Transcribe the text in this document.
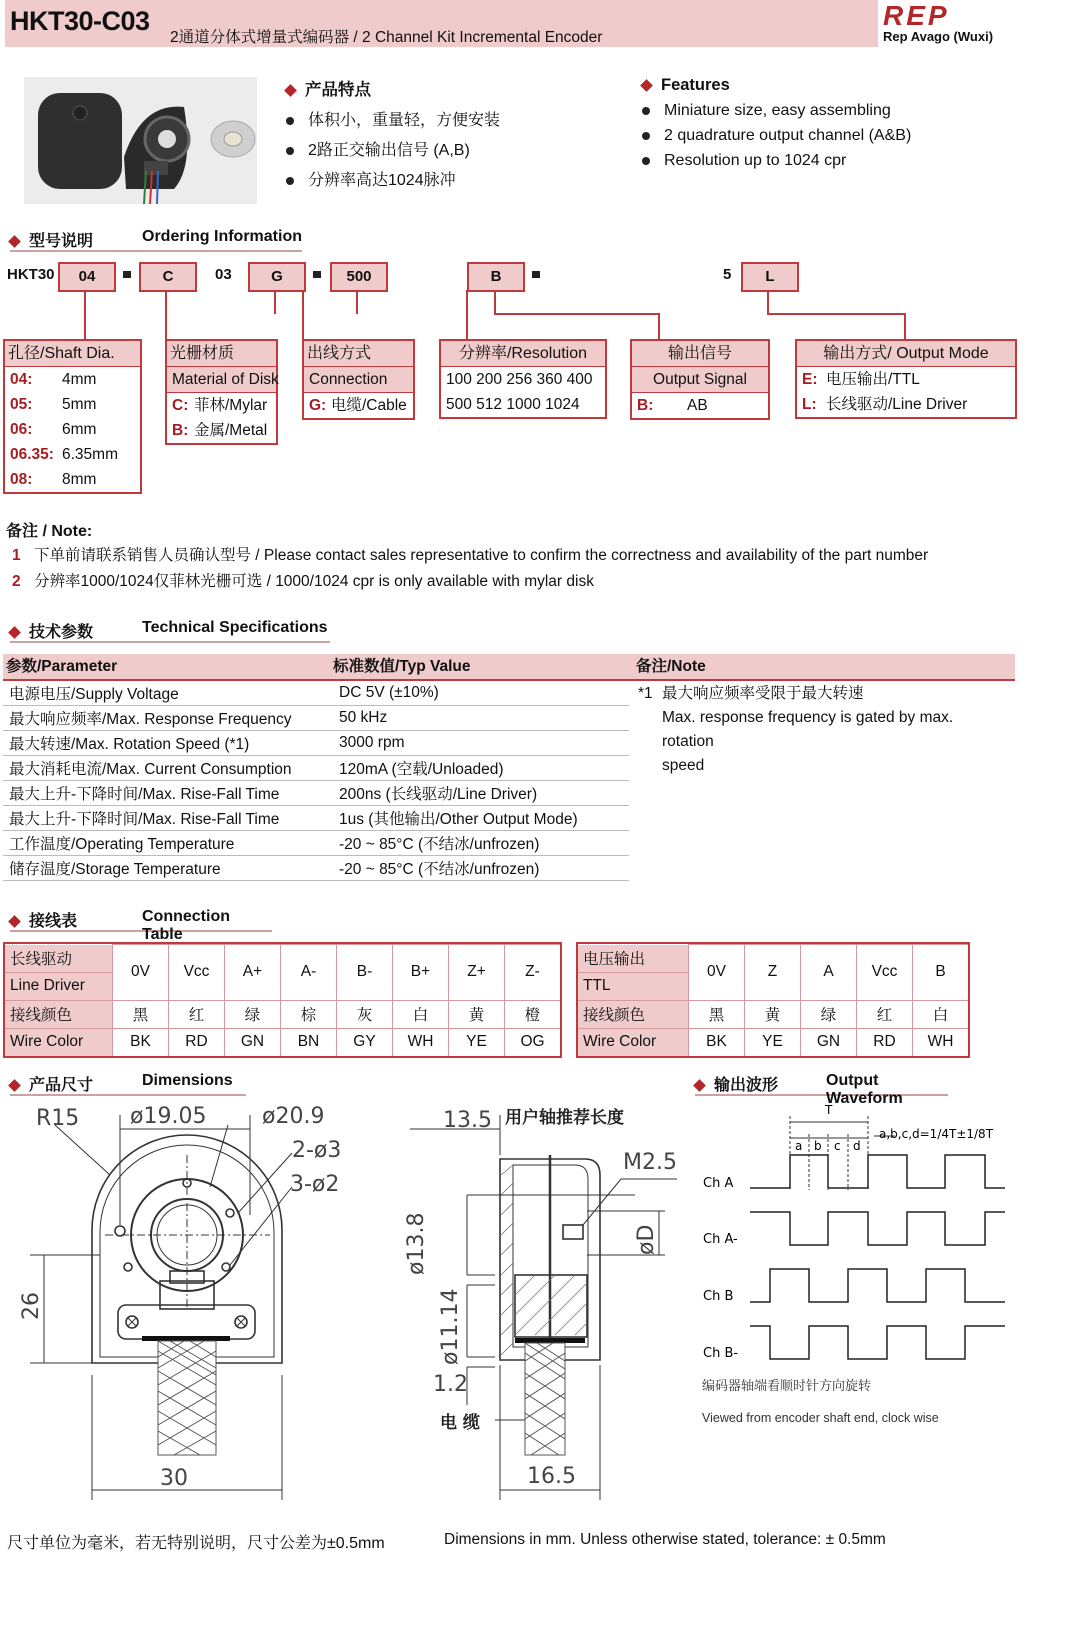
HKT30-C03
2通道分体式增量式编码器 / 2 Channel Kit Incremental Encoder
REP
Rep Avago (Wuxi)
产品特点
体积小，重量轻，方便安装
2路正交输出信号 (A,B)
分辨率高达1024脉冲
Features
Miniature size, easy assembling
2 quadrature output channel (A&B)
Resolution up to 1024 cpr
型号说明	Ordering Information
HKT30	04	C	03	G	500	B	5	L
孔径/Shaft Dia.
04: 4mm
05: 5mm
06: 6mm
06.35: 6.35mm
08: 8mm
光栅材质
Material of Disk
C: 菲林/Mylar
B: 金属/Metal
出线方式
Connection
G: 电缆/Cable
分辨率/Resolution
100 200 256 360 400
500 512 1000 1024
输出信号
Output Signal
B: AB
输出方式/ Output Mode
E: 电压输出/TTL
L: 长线驱动/Line Driver
备注 / Note:
1 下单前请联系销售人员确认型号 / Please contact sales representative to confirm the correctness and availability of the part number
2 分辨率1000/1024仅菲林光栅可选 / 1000/1024 cpr is only available with mylar disk
技术参数	Technical Specifications
参数/Parameter	标准数值/Typ Value	备注/Note
电源电压/Supply Voltage	DC 5V (±10%)
最大响应频率/Max. Response Frequency	50 kHz
最大转速/Max. Rotation Speed (*1)	3000 rpm
最大消耗电流/Max. Current Consumption	120mA (空载/Unloaded)
最大上升-下降时间/Max. Rise-Fall Time	200ns (长线驱动/Line Driver)
最大上升-下降时间/Max. Rise-Fall Time	1us (其他输出/Other Output Mode)
工作温度/Operating Temperature	-20 ~ 85°C (不结冰/unfrozen)
储存温度/Storage Temperature	-20 ~ 85°C (不结冰/unfrozen)
*1 最大响应频率受限于最大转速
Max. response frequency is gated by max. rotation
speed
接线表	Connection Table
长线驱动	0V	Vcc	A+	A-	B-	B+	Z+	Z-
Line Driver								
接线颜色	黑	红	绿	棕	灰	白	黄	橙
Wire Color	BK	RD	GN	BN	GY	WH	YE	OG
电压输出	0V	Z	A	Vcc	B
TTL					
接线颜色	黑	黄	绿	红	白
Wire Color	BK	YE	GN	RD	WH
产品尺寸	Dimensions
R15 ø19.05	ø20.9
2-ø3
3-ø2
26
30
13.5 用户轴推荐长度
M2.5
ø13.8	øD
ø11.14
1.2
电 缆
16.5
输出波形	Output Waveform
T
a b c d
a,b,c,d=1/4T±1/8T
Ch A
Ch A-
Ch B
Ch B-
编码器轴端看顺时针方向旋转
Viewed from encoder shaft end, clock wise
尺寸单位为毫米，若无特别说明，尺寸公差为±0.5mm	Dimensions in mm. Unless otherwise stated, tolerance: ± 0.5mm
